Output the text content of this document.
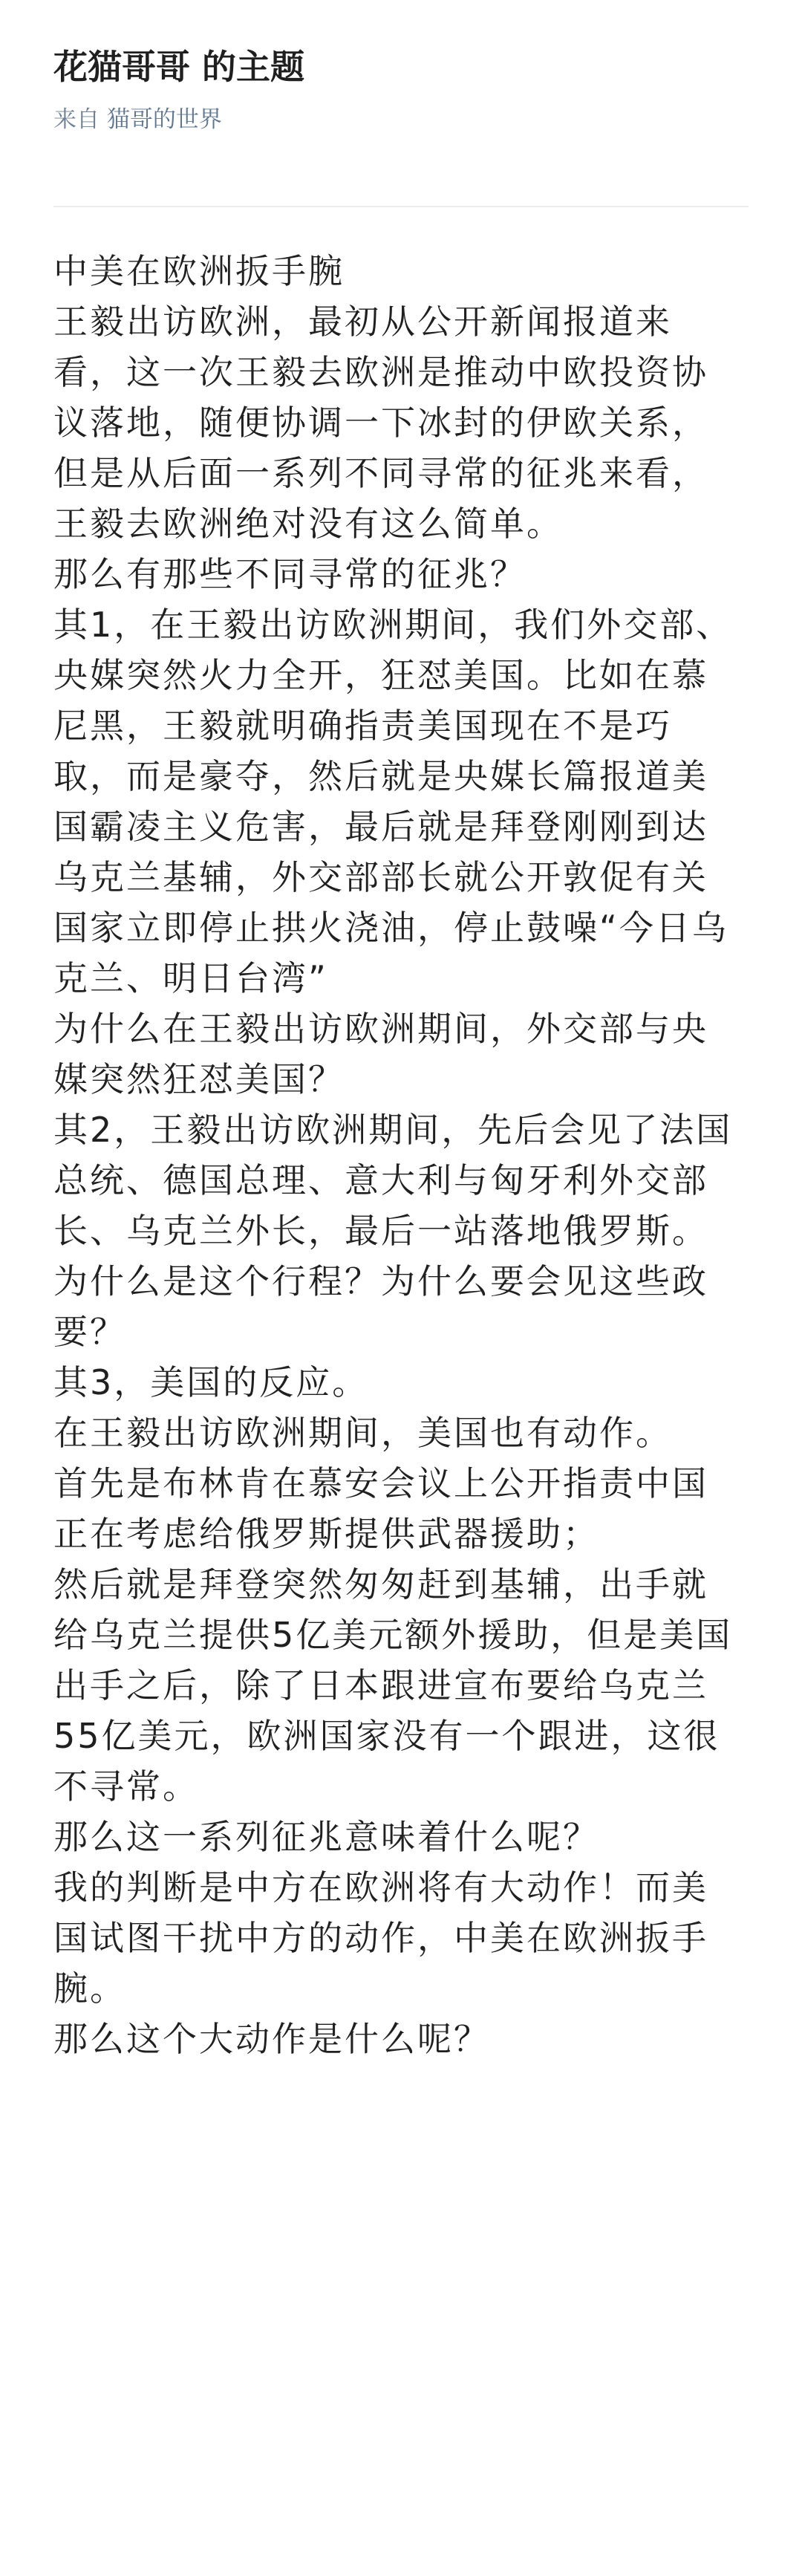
花猫哥哥 的主题
来自 猫哥的世界

中美在欧洲扳手腕

王毅出访欧洲，最初从公开新闻报道来

看，这一次王毅去欧洲是推动中欧投资协

议落地，随便协调一下冰封的伊欧关系，

但是从后面一系列不同寻常的征兆来看，

王毅去欧洲绝对没有这么简单。

那么有那些不同寻常的征兆？

其1，在王毅出访欧洲期间，我们外交部、

央媒突然火力全开，狂怼美国。比如在慕

尼黑，王毅就明确指责美国现在不是巧

取，而是豪夺，然后就是央媒长篇报道美

国霸凌主义危害，最后就是拜登刚刚到达

乌克兰基辅，外交部部长就公开敦促有关

国家立即停止拱火浇油，停止鼓噪“今日乌

克兰、明日台湾”

为什么在王毅出访欧洲期间，外交部与央

媒突然狂怼美国？

其2，王毅出访欧洲期间，先后会见了法国

总统、德国总理、意大利与匈牙利外交部

长、乌克兰外长，最后一站落地俄罗斯。

为什么是这个行程？为什么要会见这些政

要？

其3，美国的反应。

在王毅出访欧洲期间，美国也有动作。

首先是布林肯在慕安会议上公开指责中国

正在考虑给俄罗斯提供武器援助；

然后就是拜登突然匆匆赶到基辅，出手就

给乌克兰提供5亿美元额外援助，但是美国

出手之后，除了日本跟进宣布要给乌克兰

55亿美元，欧洲国家没有一个跟进，这很

不寻常。

那么这一系列征兆意味着什么呢？

我的判断是中方在欧洲将有大动作！而美

国试图干扰中方的动作，中美在欧洲扳手

腕。

那么这个大动作是什么呢？
